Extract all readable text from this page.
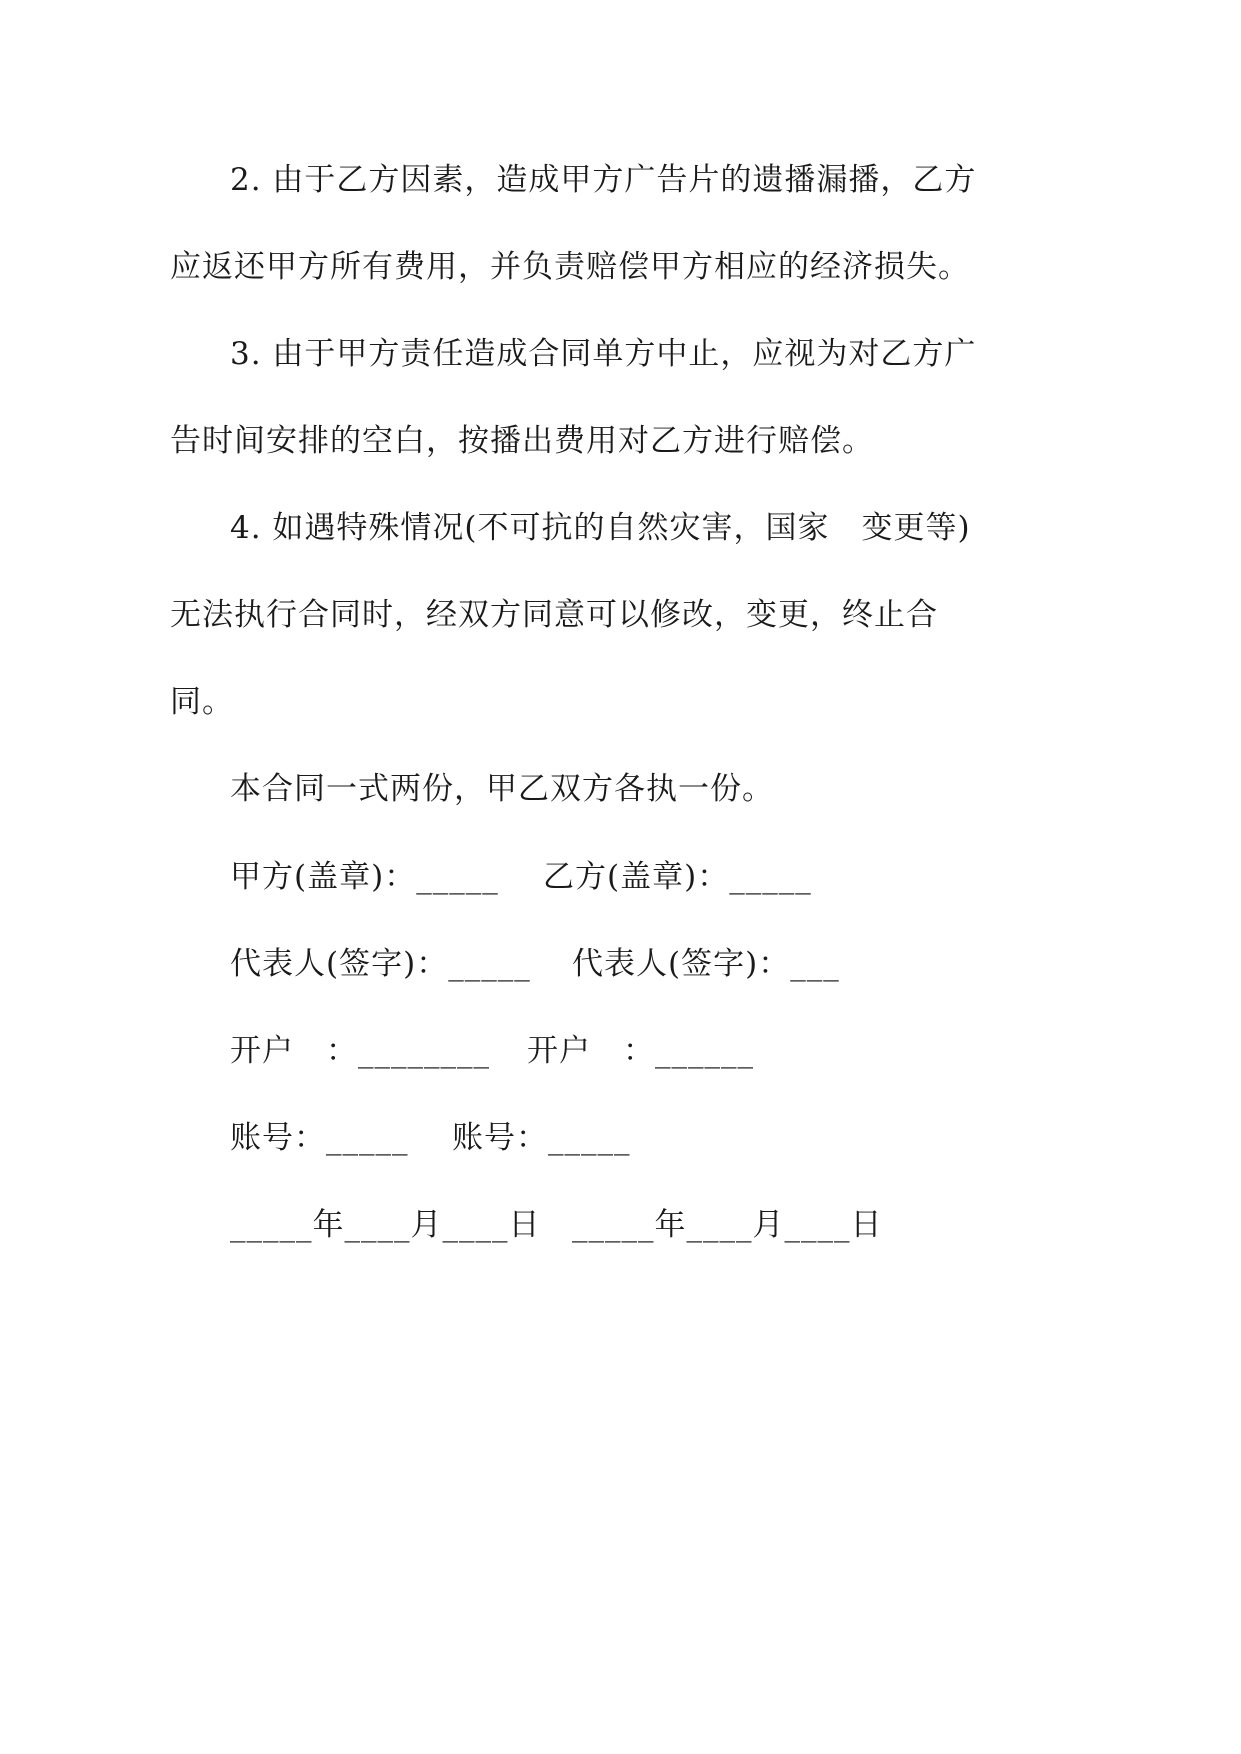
2. 由于乙方因素，造成甲方广告片的遗播漏播，乙方
应返还甲方所有费用，并负责赔偿甲方相应的经济损失。
3. 由于甲方责任造成合同单方中止，应视为对乙方广
告时间安排的空白，按播出费用对乙方进行赔偿。
4. 如遇特殊情况(不可抗的自然灾害，国家　变更等)
无法执行合同时，经双方同意可以修改，变更，终止合
同。
本合同一式两份，甲乙双方各执一份。
甲方(盖章)：_____ 乙方(盖章)：_____
代表人(签字)：_____ 代表人(签字)：___
开户　：________ 开户　：______
账号：_____ 账号：_____
_____年____月____日 _____年____月____日
